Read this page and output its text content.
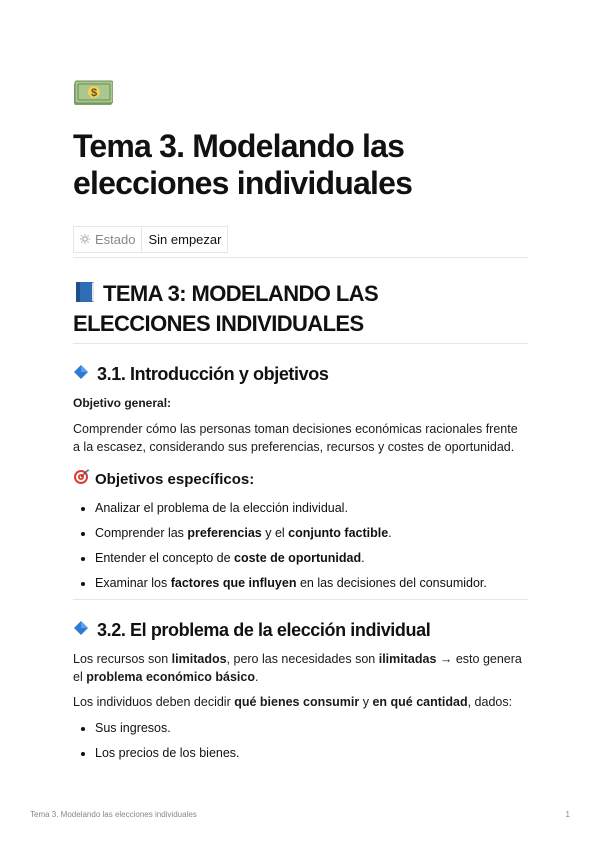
$
Tema 3. Modelando las
elecciones individuales
Estado	Sin empezar
TEMA 3: MODELANDO LAS
ELECCIONES INDIVIDUALES
3.1. Introducción y objetivos

Objetivo general:

Comprender cómo las personas toman decisiones económicas racionales frente a la escasez, considerando sus preferencias, recursos y costes de oportunidad.

Objetivos específicos:
• Analizar el problema de la elección individual.
• Comprender las preferencias y el conjunto factible.
• Entender el concepto de coste de oportunidad.
• Examinar los factores que influyen en las decisiones del consumidor.
3.2. El problema de la elección individual

Los recursos son limitados, pero las necesidades son ilimitadas → esto genera el problema económico básico.

Los individuos deben decidir qué bienes consumir y en qué cantidad, dados:

• Sus ingresos.
• Los precios de los bienes.
Tema 3. Modelando las elecciones individuales	1
